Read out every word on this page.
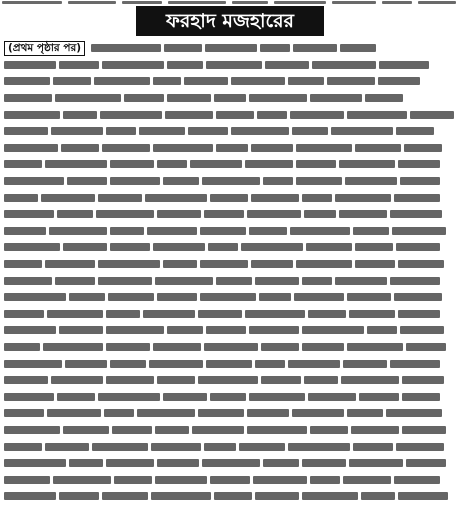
ফরহাদ মজহারের
(প্রথম পৃষ্ঠার পর)
